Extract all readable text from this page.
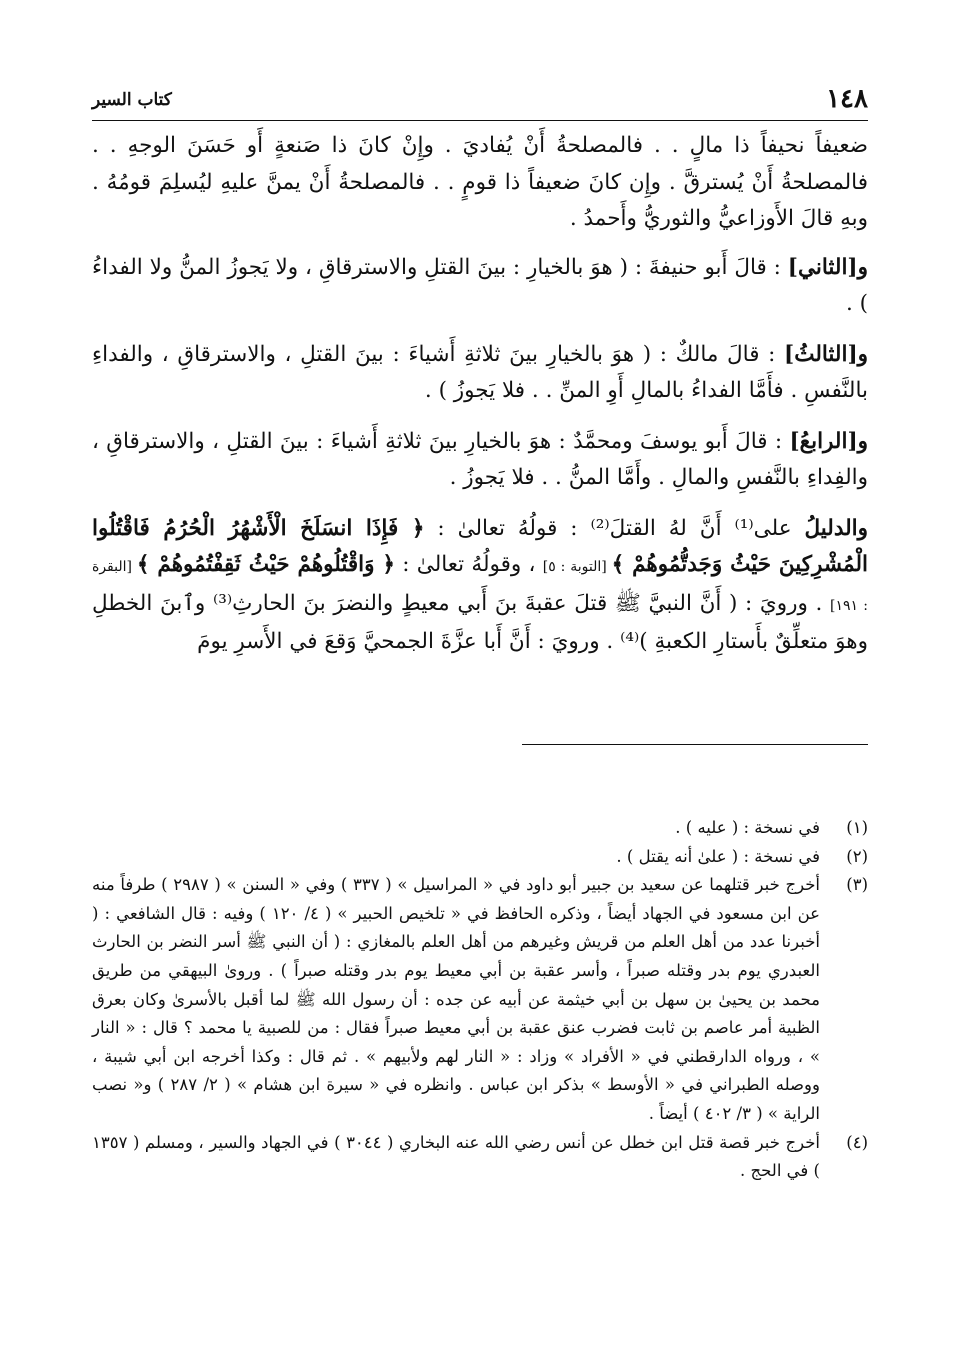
١٤٨
كتاب السير

ضعيفاً نحيفاً ذا مالٍ . . فالمصلحةُ أَنْ يُفاديَ . وإِنْ كانَ ذا صَنعةٍ أَو حَسَنَ الوجهِ . . فالمصلحةُ أَنْ يُسترقَّ . وإِن كانَ ضعيفاً ذا قومٍ . . فالمصلحةُ أَنْ يمنَّ عليهِ ليُسلِمَ قومُهُ . وبهِ قالَ الأَوزاعيُّ والثوريُّ وأَحمدُ .

و[الثاني] : قالَ أَبو حنيفةَ : ( هوَ بالخيارِ : بينَ القتلِ والاسترقاقِ ، ولا يَجوزُ المنُّ ولا الفداءُ ) .

و[الثالثُ] : قالَ مالكٌ : ( هوَ بالخيارِ بينَ ثلاثةِ أَشياءَ : بينَ القتلِ ، والاسترقاقِ ، والفداءِ بالنَّفسِ . فأَمَّا الفداءُ بالمالِ أَوِ المنِّ . . فلا يَجوزُ ) .

و[الرابعُ] : قالَ أَبو يوسفَ ومحمَّدٌ : هوَ بالخيارِ بينَ ثلاثةِ أَشياءَ : بينَ القتلِ ، والاسترقاقِ ، والفِداءِ بالنَّفسِ والمالِ . وأَمَّا المنُّ . . فلا يَجوزُ .

والدليلُ على⁽¹⁾ أَنَّ لهُ القتلَ⁽²⁾ : قولُهُ تعالىٰ : ﴿ فَإِذَا انسَلَخَ الْأَشْهُرُ الْحُرُمُ فَاقْتُلُوا الْمُشْرِكِينَ حَيْثُ وَجَدتُّمُوهُمْ ﴾ [التوبة : ٥] ، وقولُهُ تعالىٰ : ﴿ وَاقْتُلُوهُمْ حَيْثُ ثَقِفْتُمُوهُمْ ﴾ [البقرة : ١٩١] . ورويَ : ( أَنَّ النبيَّ ﷺ قتلَ عقبةَ بنَ أَبي معيطٍ والنضرَ بنَ الحارثِ⁽³⁾ وٱبنَ الخطلِ وهوَ متعلِّقٌ بأَستارِ الكعبةِ )⁽⁴⁾ . ورويَ : أَنَّ أَبا عزَّةَ الجمحيَّ وَقعَ في الأَسرِ يومَ

(١)
في نسخة : ( عليه ) .
(٢)
في نسخة : ( علىٰ أنه يقتل ) .
(٣)
أخرج خبر قتلهما عن سعيد بن جبير أبو داود في « المراسيل » ( ٣٣٧ ) وفي « السنن » ( ٢٩٨٧ ) طرفاً منه عن ابن مسعود في الجهاد أيضاً ، وذكره الحافظ في « تلخيص الحبير » ( ٤/ ١٢٠ ) وفيه : قال الشافعي : ( أخبرنا عدد من أهل العلم من قريش وغيرهم من أهل العلم بالمغازي : ( أن النبي ﷺ أسر النضر بن الحارث العبدري يوم بدر وقتله صبراً ، وأسر عقبة بن أبي معيط يوم بدر وقتله صبراً ) . وروىٰ البيهقي من طريق محمد بن يحيىٰ بن سهل بن أبي خيثمة عن أبيه عن جده : أن رسول الله ﷺ لما أقبل بالأسرىٰ وكان بعرق الظبية أمر عاصم بن ثابت فضرب عنق عقبة بن أبي معيط صبراً فقال : من للصبية يا محمد ؟ قال : « النار » ، ورواه الدارقطني في « الأفراد » وزاد : « النار لهم ولأبيهم » . ثم قال : وكذا أخرجه ابن أبي شيبة ، ووصله الطبراني في « الأوسط » بذكر ابن عباس . وانظره في « سيرة ابن هشام » ( ٢/ ٢٨٧ ) و« نصب الراية » ( ٣/ ٤٠٢ ) أيضاً .
(٤)
أخرج خبر قصة قتل ابن خطل عن أنس رضي الله عنه البخاري ( ٣٠٤٤ ) في الجهاد والسير ، ومسلم ( ١٣٥٧ ) في الحج .
